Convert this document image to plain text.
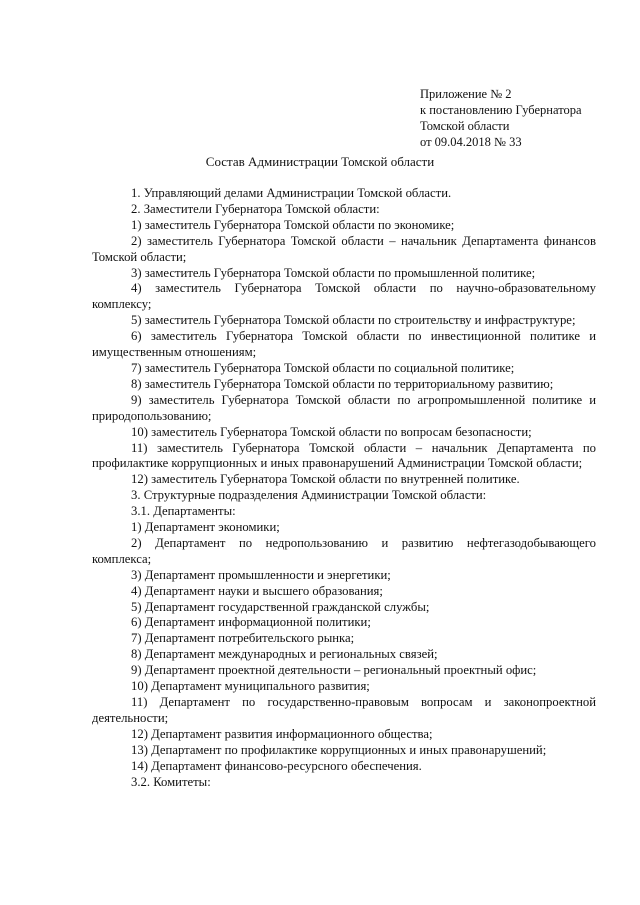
Приложение № 2
к постановлению Губернатора
Томской области
от 09.04.2018 № 33
Состав Администрации Томской области

1. Управляющий делами Администрации Томской области.

2. Заместители Губернатора Томской области:

1) заместитель Губернатора Томской области по экономике;

2) заместитель Губернатора Томской области – начальник Департамента финансов Томской области;

3) заместитель Губернатора Томской области по промышленной политике;

4) заместитель Губернатора Томской области по научно-образовательному комплексу;

5) заместитель Губернатора Томской области по строительству и инфраструктуре;

6) заместитель Губернатора Томской области по инвестиционной политике и имущественным отношениям;

7) заместитель Губернатора Томской области по социальной политике;

8) заместитель Губернатора Томской области по территориальному развитию;

9) заместитель Губернатора Томской области по агропромышленной политике и природопользованию;

10) заместитель Губернатора Томской области по вопросам безопасности;

11) заместитель Губернатора Томской области – начальник Департамента по профилактике коррупционных и иных правонарушений Администрации Томской области;

12) заместитель Губернатора Томской области по внутренней политике.

3. Структурные подразделения Администрации Томской области:

3.1. Департаменты:

1) Департамент экономики;

2) Департамент по недропользованию и развитию нефтегазодобывающего комплекса;

3) Департамент промышленности и энергетики;

4) Департамент науки и высшего образования;

5) Департамент государственной гражданской службы;

6) Департамент информационной политики;

7) Департамент потребительского рынка;

8) Департамент международных и региональных связей;

9) Департамент проектной деятельности – региональный проектный офис;

10) Департамент муниципального развития;

11) Департамент по государственно-правовым вопросам и законопроектной деятельности;

12) Департамент развития информационного общества;

13) Департамент по профилактике коррупционных и иных правонарушений;

14) Департамент финансово-ресурсного обеспечения.

3.2. Комитеты:
